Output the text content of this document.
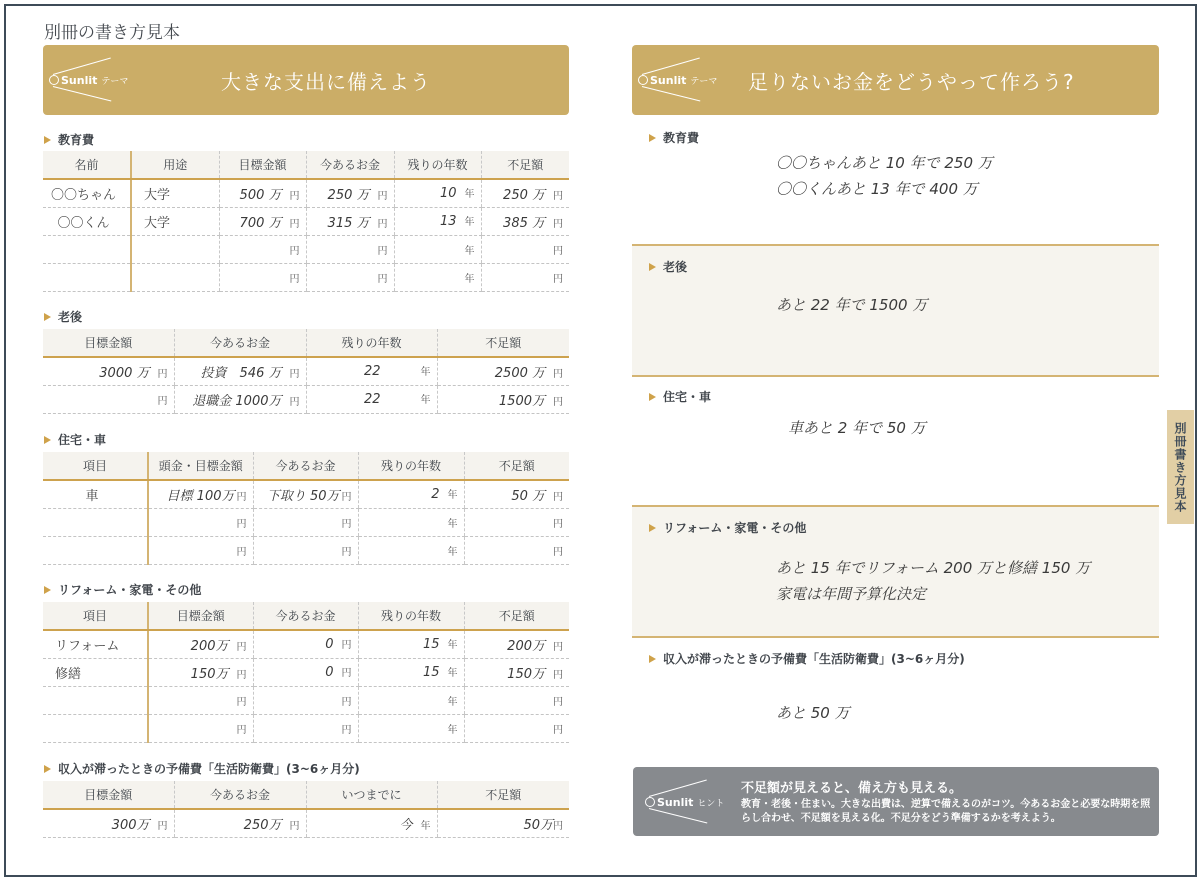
別冊の書き方見本
Sunlit テーマ	大きな支出に備えよう
教育費
名前	用途	目標金額	今あるお金	残りの年数	不足額
〇〇ちゃん	大学	500 万 円	250 万 円	10 年	250 万 円
〇〇くん	大学	700 万 円	315 万 円	13 年	385 万 円
		円	円	年	円
		円	円	年	円
老後
目標金額	今あるお金	残りの年数	不足額
3000 万 円	投資　546 万 円	22 年	2500 万 円
円	退職金 1000万 円	22 年	1500万 円
住宅・車
項目	頭金・目標金額	今あるお金	残りの年数	不足額
車	目標 100万 円	下取り 50万 円	2 年	50 万 円
	円	円	年	円
	円	円	年	円
リフォーム・家電・その他
項目	目標金額	今あるお金	残りの年数	不足額
リフォーム	200万 円	0 円	15 年	200万 円
修繕	150万 円	0 円	15 年	150万 円
	円	円	年	円
	円	円	年	円
収入が滞ったときの予備費「生活防衛費」(3~6ヶ月分)
目標金額	今あるお金	いつまでに	不足額
300万 円	250万 円	今 年	50万円
Sunlit テーマ 足りないお金をどうやって作ろう?
教育費
〇〇ちゃんあと 10 年で 250 万
〇〇くんあと 13 年で 400 万
老後
あと 22 年で 1500 万
住宅・車
車あと 2 年で 50 万
リフォーム・家電・その他
あと 15 年でリフォーム 200 万と修繕 150 万
家電は年間予算化決定
収入が滞ったときの予備費「生活防衛費」(3~6ヶ月分)
あと 50 万
Sunlit ヒント
不足額が見えると、備え方も見える。
教育・老後・住まい。大きな出費は、逆算で備えるのがコツ。今あるお金と必要な時期を照らし合わせ、不足額を見える化。不足分をどう準備するかを考えよう。
別冊書き方見本
